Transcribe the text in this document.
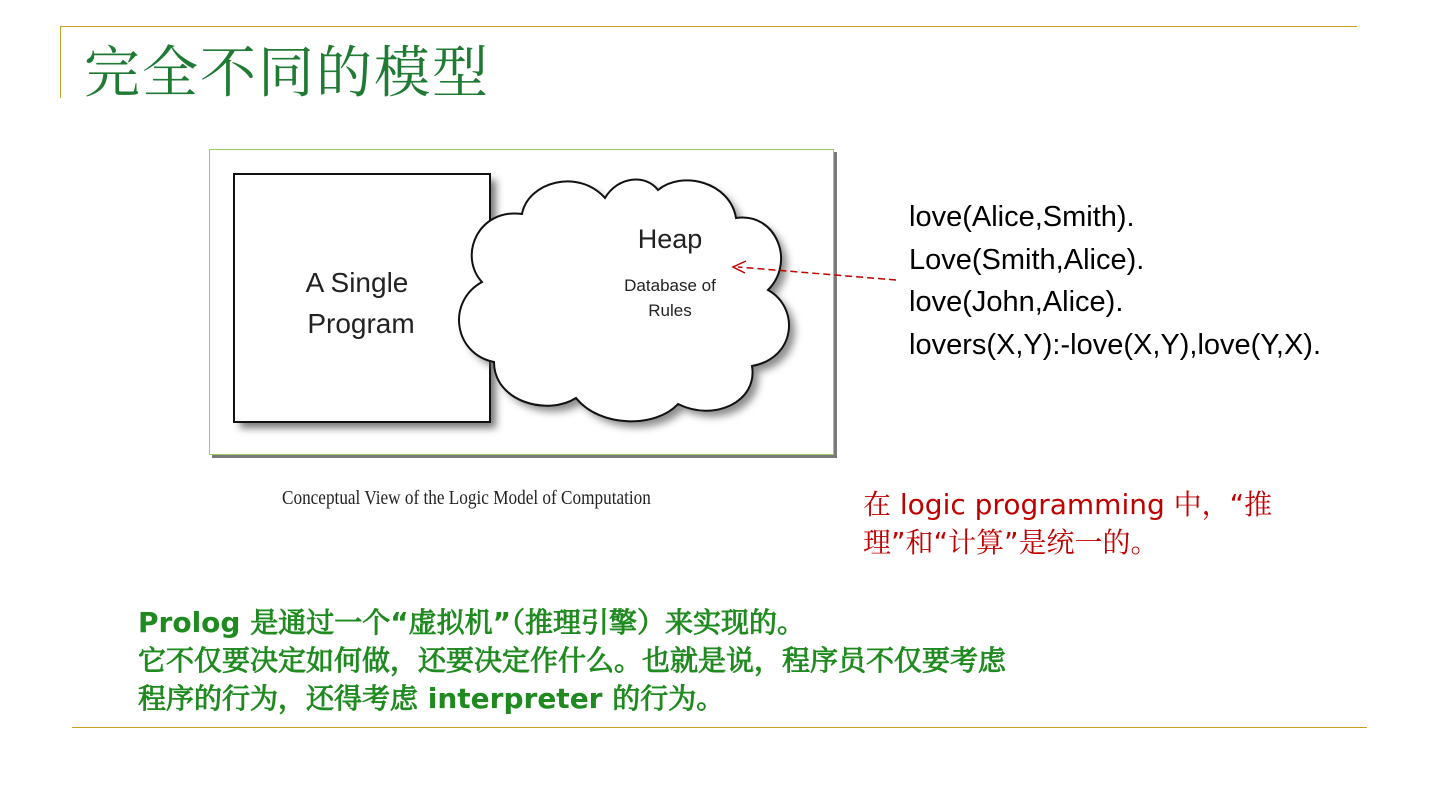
完全不同的模型
A Single
Program
Heap
Database of
Rules
Conceptual View of the Logic Model of Computation
love(Alice,Smith).
Love(Smith,Alice).
love(John,Alice).
lovers(X,Y):-love(X,Y),love(Y,X).
在 logic programming 中，“推
理”和“计算”是统一的。
Prolog 是通过一个“虚拟机”（推理引擎）来实现的。
它不仅要决定如何做，还要决定作什么。也就是说，程序员不仅要考虑
程序的行为，还得考虑 interpreter 的行为。
